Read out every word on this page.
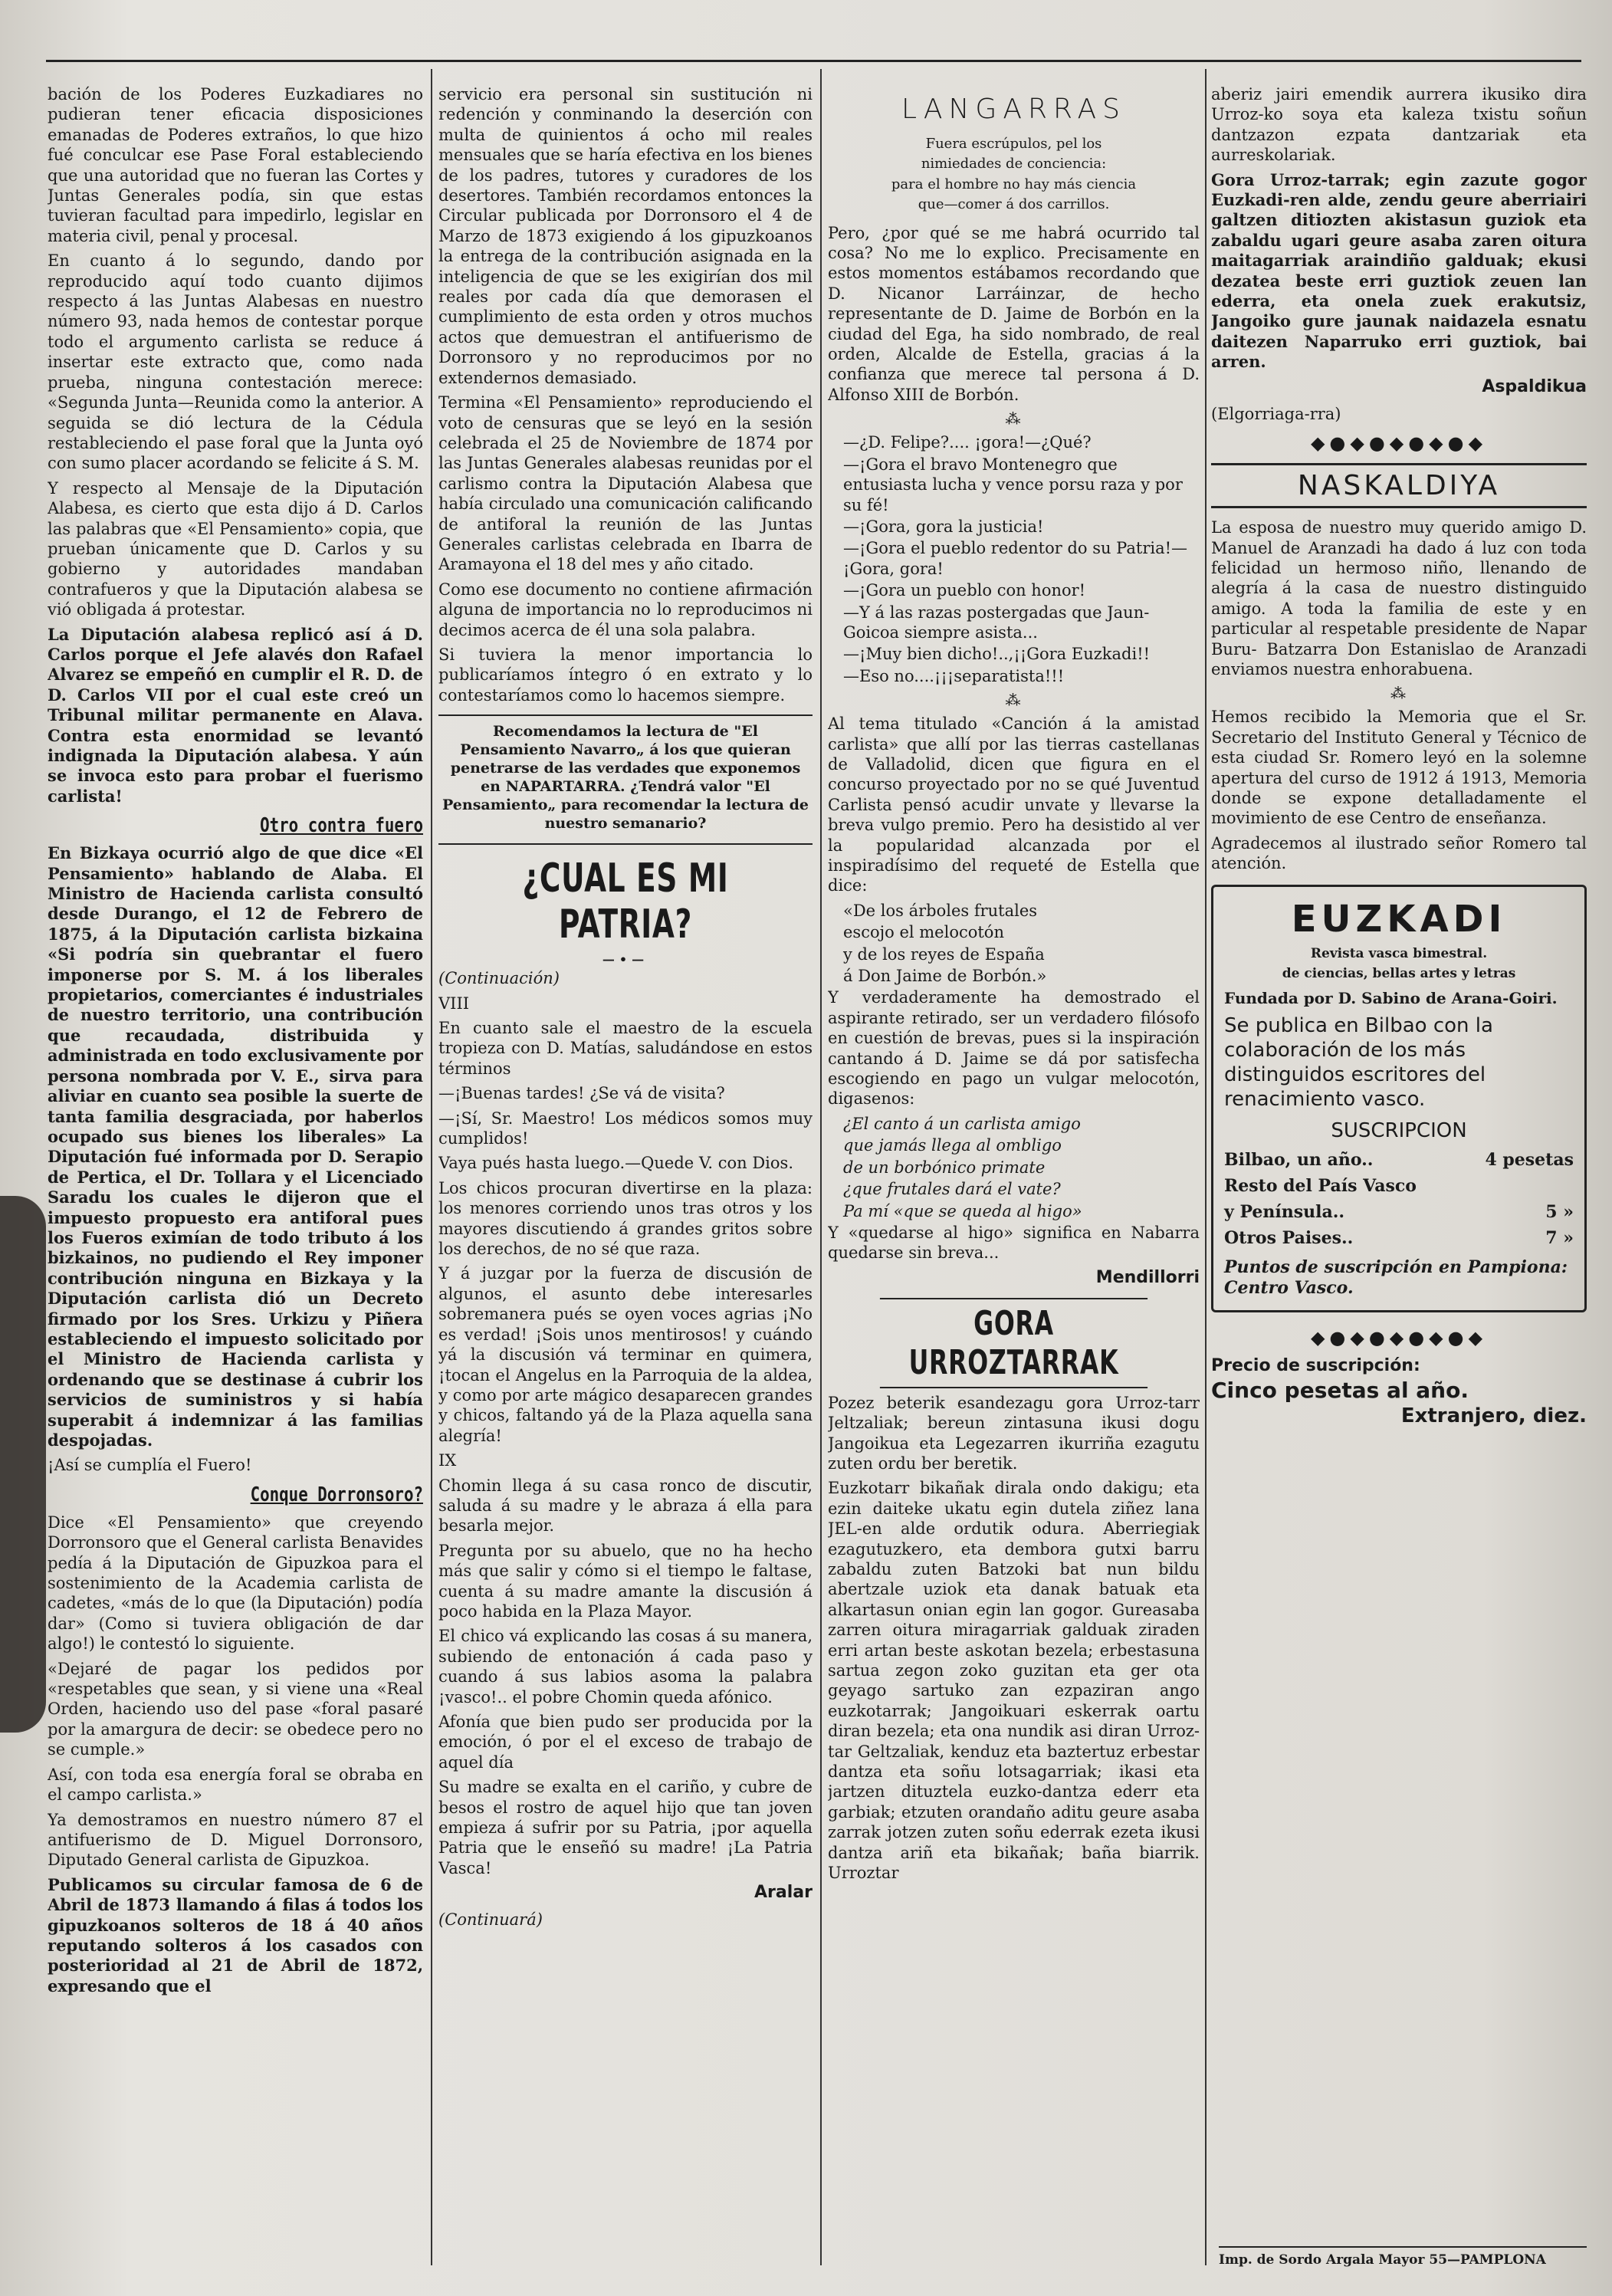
bación de los Poderes Euzkadiares no pudieran tener eficacia disposiciones emanadas de Poderes extraños, lo que hizo fué conculcar ese Pase Foral estableciendo que una autoridad que no fueran las Cortes y Juntas Generales podía, sin que estas tuvieran facultad para impedirlo, legislar en materia civil, penal y procesal.

En cuanto á lo segundo, dando por reproducido aquí todo cuanto dijimos respecto á las Juntas Alabesas en nuestro número 93, nada hemos de contestar porque todo el argumento carlista se reduce á insertar este extracto que, como nada prueba, ninguna contestación merece: «Segunda Junta—Reunida como la anterior. A seguida se dió lectura de la Cédula restableciendo el pase foral que la Junta oyó con sumo placer acordando se felicite á S. M.

Y respecto al Mensaje de la Diputación Alabesa, es cierto que esta dijo á D. Carlos las palabras que «El Pensamiento» copia, que prueban únicamente que D. Carlos y su gobierno y autoridades mandaban contrafueros y que la Diputación alabesa se vió obligada á protestar.

La Diputación alabesa replicó así á D. Carlos porque el Jefe alavés don Rafael Alvarez se empeñó en cumplir el R. D. de D. Carlos VII por el cual este creó un Tribunal militar permanente en Alava. Contra esta enormidad se levantó indignada la Diputación alabesa. Y aún se invoca esto para probar el fuerismo carlista!

Otro contra fuero

En Bizkaya ocurrió algo de que dice «El Pensamiento» hablando de Alaba. El Ministro de Hacienda carlista consultó desde Durango, el 12 de Febrero de 1875, á la Diputación carlista bizkaina «Si podría sin quebrantar el fuero imponerse por S. M. á los liberales propietarios, comerciantes é industriales de nuestro territorio, una contribución que recaudada, distribuida y administrada en todo exclusivamente por persona nombrada por V. E., sirva para aliviar en cuanto sea posible la suerte de tanta familia desgraciada, por haberlos ocupado sus bienes los liberales» La Diputación fué informada por D. Serapio de Pertica, el Dr. Tollara y el Licenciado Saradu los cuales le dijeron que el impuesto propuesto era antiforal pues los Fueros eximían de todo tributo á los bizkainos, no pudiendo el Rey imponer contribución ninguna en Bizkaya y la Diputación carlista dió un Decreto firmado por los Sres. Urkizu y Piñera estableciendo el impuesto solicitado por el Ministro de Hacienda carlista y ordenando que se destinase á cubrir los servicios de suministros y si había superabit á indemnizar á las familias despojadas.

¡Así se cumplía el Fuero!

Conque Dorronsoro?

Dice «El Pensamiento» que creyendo Dorronsoro que el General carlista Benavides pedía á la Diputación de Gipuzkoa para el sostenimiento de la Academia carlista de cadetes, «más de lo que (la Diputación) podía dar» (Como si tuviera obligación de dar algo!) le contestó lo siguiente.

«Dejaré de pagar los pedidos por «respetables que sean, y si viene una «Real Orden, haciendo uso del pase «foral pasaré por la amargura de decir: se obedece pero no se cumple.»

Así, con toda esa energía foral se obraba en el campo carlista.»

Ya demostramos en nuestro número 87 el antifuerismo de D. Miguel Dorronsoro, Diputado General carlista de Gipuzkoa.

Publicamos su circular famosa de 6 de Abril de 1873 llamando á filas á todos los gipuzkoanos solteros de 18 á 40 años reputando solteros á los casados con posterioridad al 21 de Abril de 1872, expresando que el

servicio era personal sin sustitución ni redención y conminando la deserción con multa de quinientos á ocho mil reales mensuales que se haría efectiva en los bienes de los padres, tutores y curadores de los desertores. También recordamos entonces la Circular publicada por Dorronsoro el 4 de Marzo de 1873 exigiendo á los gipuzkoanos la entrega de la contribución asignada en la inteligencia de que se les exigirían dos mil reales por cada día que demorasen el cumplimiento de esta orden y otros muchos actos que demuestran el antifuerismo de Dorronsoro y no reproducimos por no extendernos demasiado.

Termina «El Pensamiento» reproduciendo el voto de censuras que se leyó en la sesión celebrada el 25 de Noviembre de 1874 por las Juntas Generales alabesas reunidas por el carlismo contra la Diputación Alabesa que había circulado una comunicación calificando de antiforal la reunión de las Juntas Generales carlistas celebrada en Ibarra de Aramayona el 18 del mes y año citado.

Como ese documento no contiene afirmación alguna de importancia no lo reproducimos ni decimos acerca de él una sola palabra.

Si tuviera la menor importancia lo publicaríamos íntegro ó en extrato y lo contestaríamos como lo hacemos siempre.

Recomendamos la lectura de "El Pensamiento Navarro„ á los que quieran penetrarse de las verdades que exponemos en NAPARTARRA. ¿Tendrá valor "El Pensamiento„ para recomendar la lectura de nuestro semanario?

¿CUAL ES MI PATRIA?
—•—

(Continuación)

VIII

En cuanto sale el maestro de la escuela tropieza con D. Matías, saludándose en estos términos

—¡Buenas tardes! ¿Se vá de visita?

—¡Sí, Sr. Maestro! Los médicos somos muy cumplidos!

Vaya pués hasta luego.—Quede V. con Dios.

Los chicos procuran divertirse en la plaza: los menores corriendo unos tras otros y los mayores discutiendo á grandes gritos sobre los derechos, de no sé que raza.

Y á juzgar por la fuerza de discusión de algunos, el asunto debe interesarles sobremanera pués se oyen voces agrias ¡No es verdad! ¡Sois unos mentirosos! y cuándo yá la discusión vá terminar en quimera, ¡tocan el Angelus en la Parroquia de la aldea, y como por arte mágico desaparecen grandes y chicos, faltando yá de la Plaza aquella sana alegría!

IX

Chomin llega á su casa ronco de discutir, saluda á su madre y le abraza á ella para besarla mejor.

Pregunta por su abuelo, que no ha hecho más que salir y cómo si el tiempo le faltase, cuenta á su madre amante la discusión á poco habida en la Plaza Mayor.

El chico vá explicando las cosas á su manera, subiendo de entonación á cada paso y cuando á sus labios asoma la palabra ¡vasco!.. el pobre Chomin queda afónico.

Afonía que bien pudo ser producida por la emoción, ó por el el exceso de trabajo de aquel día

Su madre se exalta en el cariño, y cubre de besos el rostro de aquel hijo que tan joven empieza á sufrir por su Patria, ¡por aquella Patria que le enseñó su madre! ¡La Patria Vasca!

Aralar

(Continuará)

LANGARRAS

Fuera escrúpulos, pel los

nimiedades de conciencia:

para el hombre no hay más ciencia

que—comer á dos carrillos.

Pero, ¿por qué se me habrá ocurrido tal cosa? No me lo explico. Precisamente en estos momentos estábamos recordando que D. Nicanor Larráinzar, de hecho representante de D. Jaime de Borbón en la ciudad del Ega, ha sido nombrado, de real orden, Alcalde de Estella, gracias á la confianza que merece tal persona á D. Alfonso XIII de Borbón.

⁂

—¿D. Felipe?.... ¡gora!—¿Qué?

—¡Gora el bravo Montenegro que entusiasta lucha y vence porsu raza y por su fé!

—¡Gora, gora la justicia!

—¡Gora el pueblo redentor do su Patria!—¡Gora, gora!

—¡Gora un pueblo con honor!

—Y á las razas postergadas que Jaun-Goicoa siempre asista...

—¡Muy bien dicho!..,¡¡Gora Euzkadi!!

—Eso no....¡¡¡separatista!!!

⁂

Al tema titulado «Canción á la amistad carlista» que allí por las tierras castellanas de Valladolid, dicen que figura en el concurso proyectado por no se qué Juventud Carlista pensó acudir unvate y llevarse la breva vulgo premio. Pero ha desistido al ver la popularidad alcanzada por el inspiradísimo del requeté de Estella que dice:

«De los árboles frutales

escojo el melocotón

y de los reyes de España

á Don Jaime de Borbón.»

Y verdaderamente ha demostrado el aspirante retirado, ser un verdadero filósofo en cuestión de brevas, pues si la inspiración cantando á D. Jaime se dá por satisfecha escogiendo en pago un vulgar melocotón, digasenos:

¿El canto á un carlista amigo

que jamás llega al ombligo

de un borbónico primate

¿que frutales dará el vate?

Pa mí «que se queda al higo»

Y «quedarse al higo» significa en Nabarra quedarse sin breva...

Mendillorri
GORA URROZTARRAK

Pozez beterik esandezagu gora Urroz-tarr Jeltzaliak; bereun zintasuna ikusi dogu Jangoikua eta Legezarren ikurriña ezagutu zuten ordu ber beretik.

Euzkotarr bikañak dirala ondo dakigu; eta ezin daiteke ukatu egin dutela ziñez lana JEL-en alde ordutik odura. Aberriegiak ezagutuzkero, eta dembora gutxi barru zabaldu zuten Batzoki bat nun bildu abertzale uziok eta danak batuak eta alkartasun onian egin lan gogor. Gureasaba zarren oitura miragarriak galduak ziraden erri artan beste askotan bezela; erbestasuna sartua zegon zoko guzitan eta ger ota geyago sartuko zan ezpaziran ango euzkotarrak; Jangoikuari eskerrak oartu diran bezela; eta ona nundik asi diran Urroz-tar Geltzaliak, kenduz eta baztertuz erbestar dantza eta soñu lotsagarriak; ikasi eta jartzen dituztela euzko-dantza ederr eta garbiak; etzuten orandaño aditu geure asaba zarrak jotzen zuten soñu ederrak ezeta ikusi dantza ariñ eta bikañak; baña biarrik. Urroztar

aberiz jairi emendik aurrera ikusiko dira Urroz-ko soya eta kaleza txistu soñun dantzazon ezpata dantzariak eta aurreskolariak.

Gora Urroz-tarrak; egin zazute gogor Euzkadi-ren alde, zendu geure aberriairi galtzen ditiozten akistasun guziok eta zabaldu ugari geure asaba zaren oitura maitagarriak araindiño galduak; ekusi dezatea beste erri guztiok zeuen lan ederra, eta onela zuek erakutsiz, Jangoiko gure jaunak naidazela esnatu daitezen Naparruko erri guztiok, bai arren.

Aspaldikua

(Elgorriaga-rra)

◆●◆●◆●◆●◆
NASKALDIYA

La esposa de nuestro muy querido amigo D. Manuel de Aranzadi ha dado á luz con toda felicidad un hermoso niño, llenando de alegría á la casa de nuestro distinguido amigo. A toda la familia de este y en particular al respetable presidente de Napar Buru- Batzarra Don Estanislao de Aranzadi enviamos nuestra enhorabuena.

⁂

Hemos recibido la Memoria que el Sr. Secretario del Instituto General y Técnico de esta ciudad Sr. Romero leyó en la solemne apertura del curso de 1912 á 1913, Memoria donde se expone detalladamente el movimiento de ese Centro de enseñanza.

Agradecemos al ilustrado señor Romero tal atención.

EUZKADI

Revista vasca bimestral.

de ciencias, bellas artes y letras

Fundada por D. Sabino de Arana-Goiri.

Se publica en Bilbao con la colaboración de los más distinguidos escritores del renacimiento vasco.

SUSCRIPCION

Bilbao, un año..	4 pesetas
Resto del País Vasco
y Península..	5 »
Otros Paises..	7 »

Puntos de suscripción en Pampiona: Centro Vasco.

◆●◆●◆●◆●◆

Precio de suscripción:

Cinco pesetas al año.

Extranjero, diez.

Imp. de Sordo Argala Mayor 55—PAMPLONA
